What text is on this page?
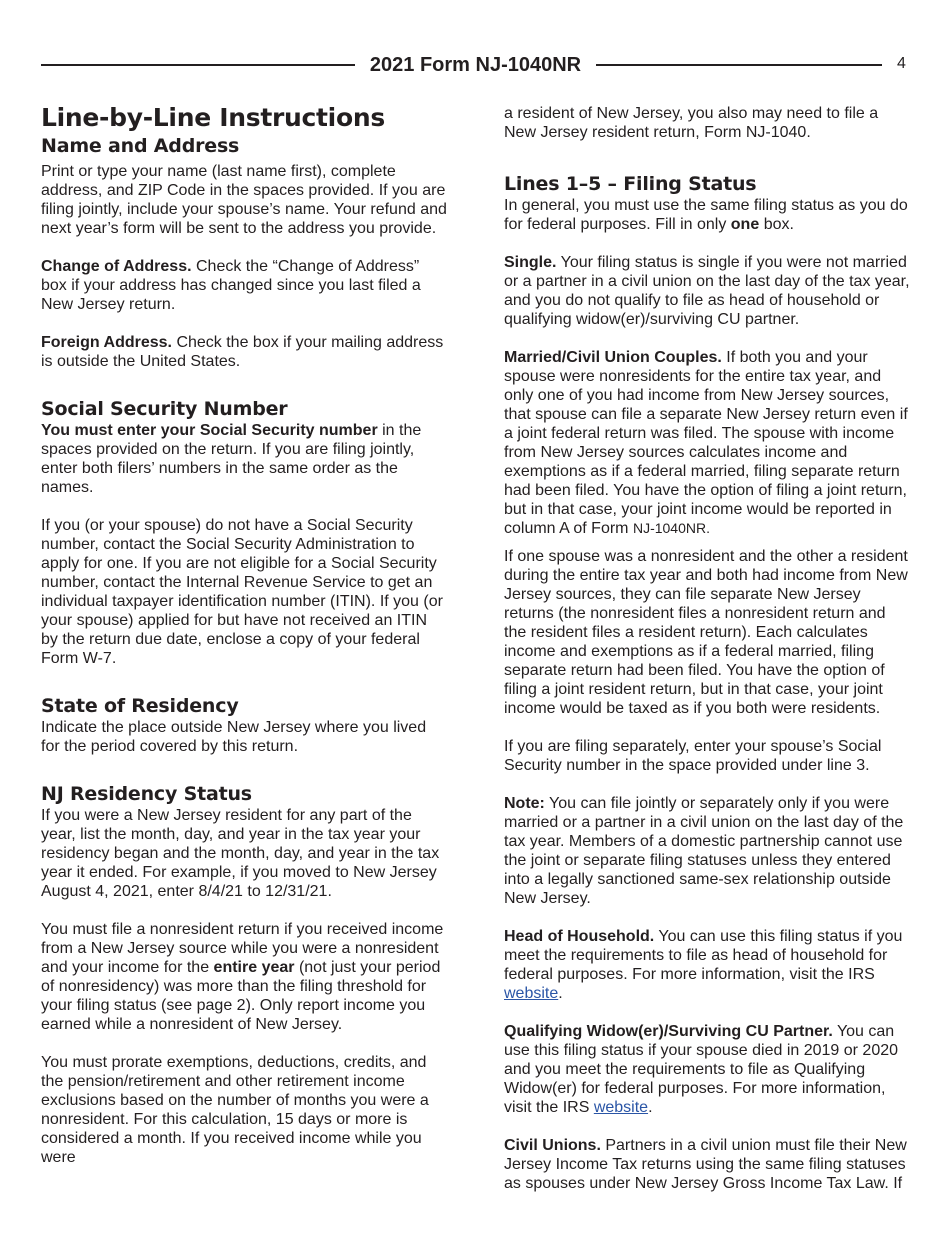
2021 Form NJ-1040NR	4
Line-by-Line Instructions
Name and Address

Print or type your name (last name first), complete address, and ZIP Code in the spaces provided. If you are filing jointly, include your spouse’s name. Your refund and next year’s form will be sent to the address you provide.

Change of Address. Check the “Change of Address” box if your address has changed since you last filed a New Jersey return.

Foreign Address. Check the box if your mailing address is outside the United States.

Social Security Number

You must enter your Social Security number in the spaces provided on the return. If you are filing jointly, enter both filers’ numbers in the same order as the names.

If you (or your spouse) do not have a Social Security number, contact the Social Security Administration to apply for one. If you are not eligible for a Social Security number, contact the Internal Revenue Service to get an individual taxpayer identification number (ITIN). If you (or your spouse) applied for but have not received an ITIN by the return due date, enclose a copy of your federal Form W-7.

State of Residency

Indicate the place outside New Jersey where you lived for the period covered by this return.

NJ Residency Status

If you were a New Jersey resident for any part of the year, list the month, day, and year in the tax year your residency began and the month, day, and year in the tax year it ended. For example, if you moved to New Jersey August 4, 2021, enter 8/4/21 to 12/31/21.

You must file a nonresident return if you received income from a New Jersey source while you were a nonresident and your income for the entire year (not just your period of nonresidency) was more than the filing threshold for your filing status (see page 2). Only report income you earned while a nonresident of New Jersey.

You must prorate exemptions, deductions, credits, and the pension/retirement and other retirement income exclusions based on the number of months you were a nonresident. For this calculation, 15 days or more is considered a month. If you received income while you were

a resident of New Jersey, you also may need to file a New Jersey resident return, Form NJ-1040.

Lines 1–5 – Filing Status

In general, you must use the same filing status as you do for federal purposes. Fill in only one box.

Single. Your filing status is single if you were not married or a partner in a civil union on the last day of the tax year, and you do not qualify to file as head of household or qualifying widow(er)/surviving CU partner.

Married/Civil Union Couples. If both you and your spouse were nonresidents for the entire tax year, and only one of you had income from New Jersey sources, that spouse can file a separate New Jersey return even if a joint federal return was filed. The spouse with income from New Jersey sources calculates income and exemptions as if a federal married, filing separate return had been filed. You have the option of filing a joint return, but in that case, your joint income would be reported in column A of Form NJ-1040NR.

If one spouse was a nonresident and the other a resident during the entire tax year and both had income from New Jersey sources, they can file separate New Jersey returns (the nonresident files a nonresident return and the resident files a resident return). Each calculates income and exemptions as if a federal married, filing separate return had been filed. You have the option of filing a joint resident return, but in that case, your joint income would be taxed as if you both were residents.

If you are filing separately, enter your spouse’s Social Security number in the space provided under line 3.

Note: You can file jointly or separately only if you were married or a partner in a civil union on the last day of the tax year. Members of a domestic partnership cannot use the joint or separate filing statuses unless they entered into a legally sanctioned same-sex relationship outside New Jersey.

Head of Household. You can use this filing status if you meet the requirements to file as head of household for federal purposes. For more information, visit the IRS website.

Qualifying Widow(er)/Surviving CU Partner. You can use this filing status if your spouse died in 2019 or 2020 and you meet the requirements to file as Qualifying Widow(er) for federal purposes. For more information, visit the IRS website.

Civil Unions. Partners in a civil union must file their New Jersey Income Tax returns using the same filing statuses as spouses under New Jersey Gross Income Tax Law. If
